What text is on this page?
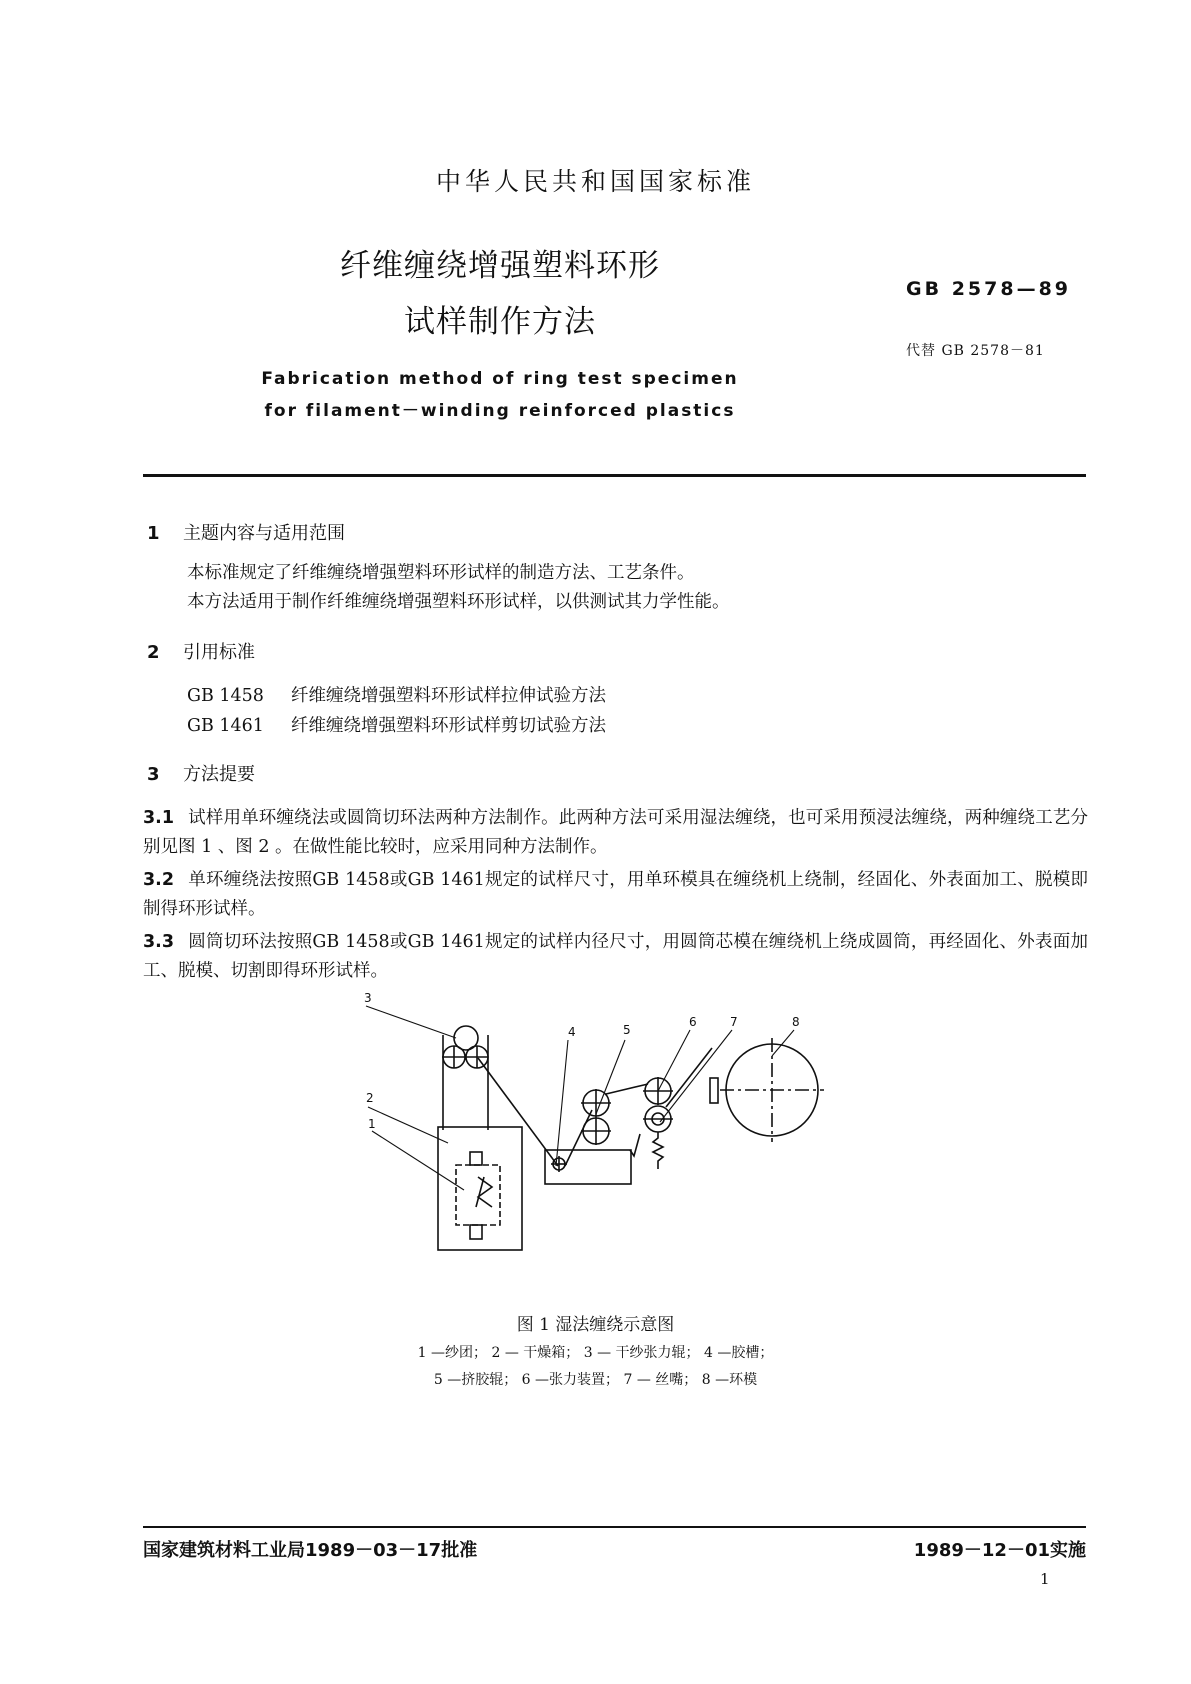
中华人民共和国国家标准
纤维缠绕增强塑料环形
试样制作方法
GB 2578—89
代替 GB 2578－81
Fabrication method of ring test specimen
for filament－winding reinforced plastics
1 主题内容与适用范围
本标准规定了纤维缠绕增强塑料环形试样的制造方法、工艺条件。
本方法适用于制作纤维缠绕增强塑料环形试样，以供测试其力学性能。
2 引用标准
GB 1458 纤维缠绕增强塑料环形试样拉伸试验方法
GB 1461 纤维缠绕增强塑料环形试样剪切试验方法
3 方法提要
3.1 试样用单环缠绕法或圆筒切环法两种方法制作。此两种方法可采用湿法缠绕，也可采用预浸法缠绕，两种缠绕工艺分别见图 1 、图 2 。在做性能比较时，应采用同种方法制作。
3.2 单环缠绕法按照GB 1458或GB 1461规定的试样尺寸，用单环模具在缠绕机上绕制，经固化、外表面加工、脱模即制得环形试样。
3.3 圆筒切环法按照GB 1458或GB 1461规定的试样内径尺寸，用圆筒芯模在缠绕机上绕成圆筒，再经固化、外表面加工、脱模、切割即得环形试样。
3
2
1
4	5
6	7	8
图 1 湿法缠绕示意图
1 —纱团； 2 — 干燥箱； 3 — 干纱张力辊； 4 —胶槽；
5 —挤胶辊； 6 —张力装置； 7 — 丝嘴； 8 —环模
国家建筑材料工业局1989－03－17批准	1989－12－01实施
1
